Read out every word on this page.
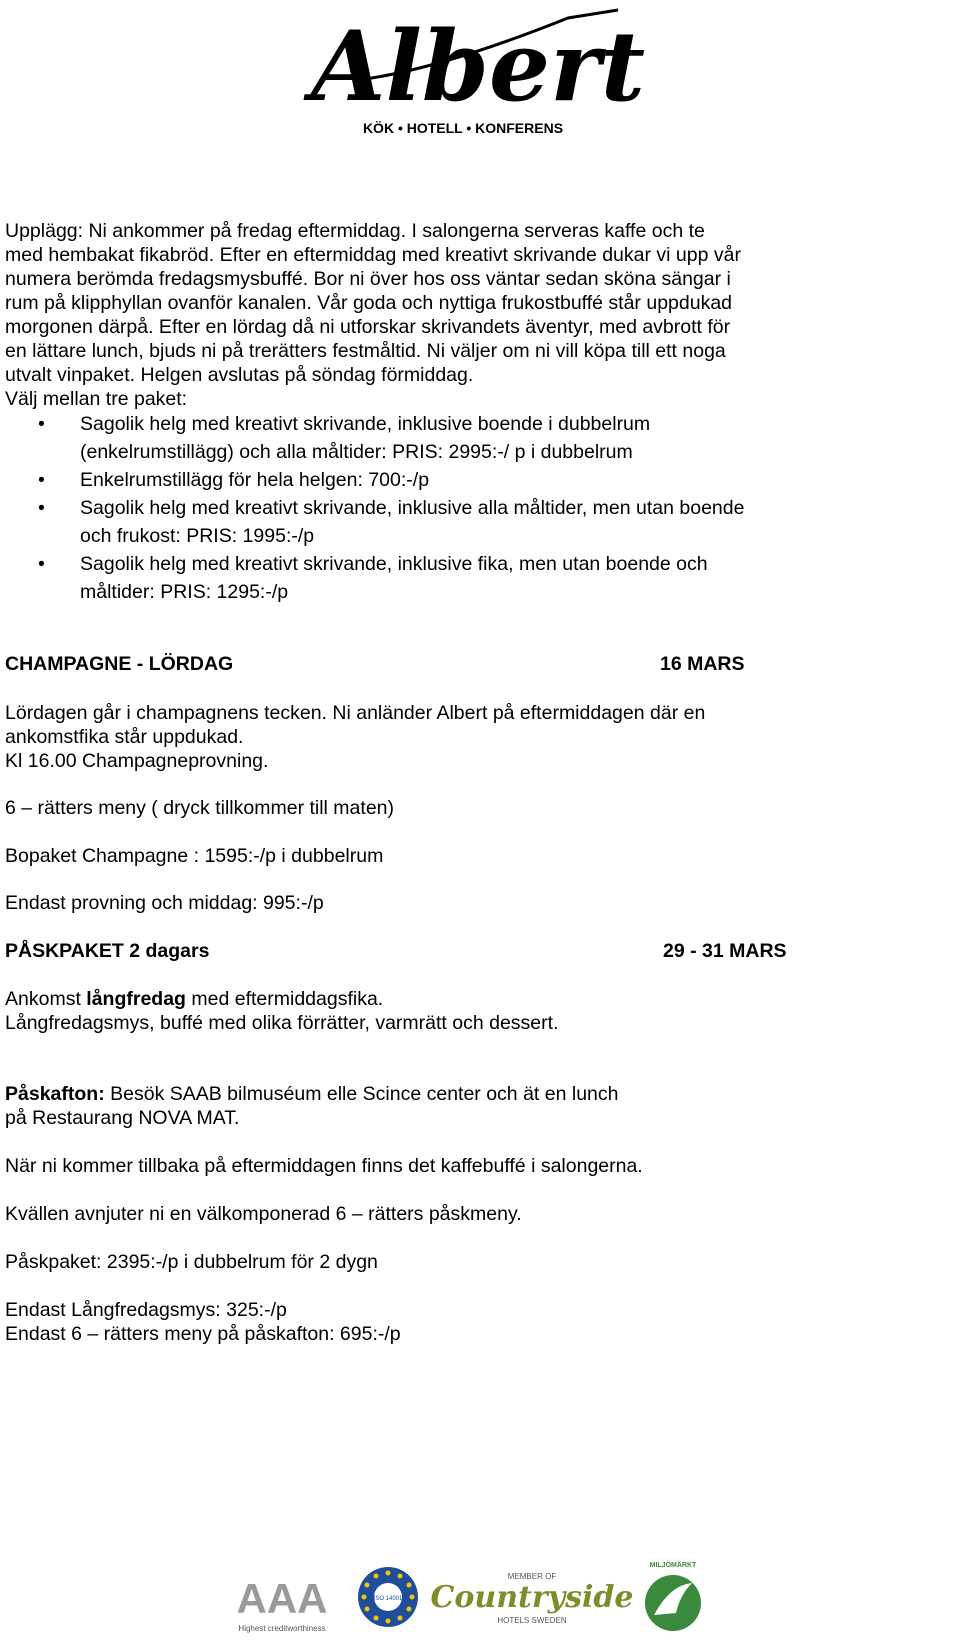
Albert
KÖK • HOTELL • KONFERENS
Upplägg: Ni ankommer på fredag eftermiddag. I salongerna serveras kaffe och te
med hembakat fikabröd. Efter en eftermiddag med kreativt skrivande dukar vi upp vår
numera berömda fredagsmysbuffé. Bor ni över hos oss väntar sedan sköna sängar i
rum på klipphyllan ovanför kanalen. Vår goda och nyttiga frukostbuffé står uppdukad
morgonen därpå. Efter en lördag då ni utforskar skrivandets äventyr, med avbrott för
en lättare lunch, bjuds ni på trerätters festmåltid. Ni väljer om ni vill köpa till ett noga
utvalt vinpaket. Helgen avslutas på söndag förmiddag.
Välj mellan tre paket:
• Sagolik helg med kreativt skrivande, inklusive boende i dubbelrum
(enkelrumstillägg) och alla måltider: PRIS: 2995:-/ p i dubbelrum
• Enkelrumstillägg för hela helgen: 700:-/p
• Sagolik helg med kreativt skrivande, inklusive alla måltider, men utan boende
och frukost: PRIS: 1995:-/p
• Sagolik helg med kreativt skrivande, inklusive fika, men utan boende och
måltider: PRIS: 1295:-/p
CHAMPAGNE - LÖRDAG	16 MARS
Lördagen går i champagnens tecken. Ni anländer Albert på eftermiddagen där en
ankomstfika står uppdukad.
Kl 16.00 Champagneprovning.
6 – rätters meny ( dryck tillkommer till maten)
Bopaket Champagne : 1595:-/p i dubbelrum
Endast provning och middag: 995:-/p
PÅSKPAKET 2 dagars	29 - 31 MARS
Ankomst långfredag med eftermiddagsfika.
Långfredagsmys, buffé med olika förrätter, varmrätt och dessert.
Påskafton: Besök SAAB bilmuséum elle Scince center och ät en lunch
på Restaurang NOVA MAT.
När ni kommer tillbaka på eftermiddagen finns det kaffebuffé i salongerna.
Kvällen avnjuter ni en välkomponerad 6 – rätters påskmeny.
Påskpaket: 2395:-/p i dubbelrum för 2 dygn
Endast Långfredagsmys: 325:-/p
Endast 6 – rätters meny på påskafton: 695:-/p
AAA
Highest creditworthiness
ISO 14001
MEMBER OF
Countryside
HOTELS SWEDEN
MILJÖMÄRKT
